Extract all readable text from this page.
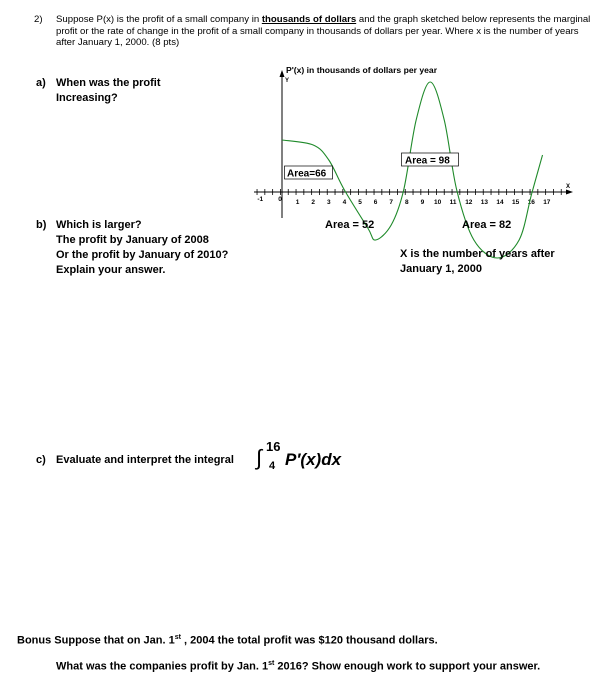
2) Suppose P(x) is the profit of a small company in thousands of dollars and the graph sketched below represents the marginal profit or the rate of change in the profit of a small company in thousands of dollars per year. Where x is the number of years after January 1, 2000. (8 pts)
a) When was the profit
Increasing?
b) Which is larger?
The profit by January of 2008
Or the profit by January of 2010?
Explain your answer.
Y
P'(x) in thousands of dollars per year
X
-1 0 1 2 3 4 5 6 7 8 9 10 11 12 13 14 15 16 17
Area=66
Area = 98
Area = 52	Area = 82
X is the number of years after
January 1, 2000
c) Evaluate and interpret the integral	∫ 16
4 P′(x)dx
Bonus Suppose that on Jan. 1st , 2004 the total profit was $120 thousand dollars.
What was the companies profit by Jan. 1st 2016? Show enough work to support your answer.
